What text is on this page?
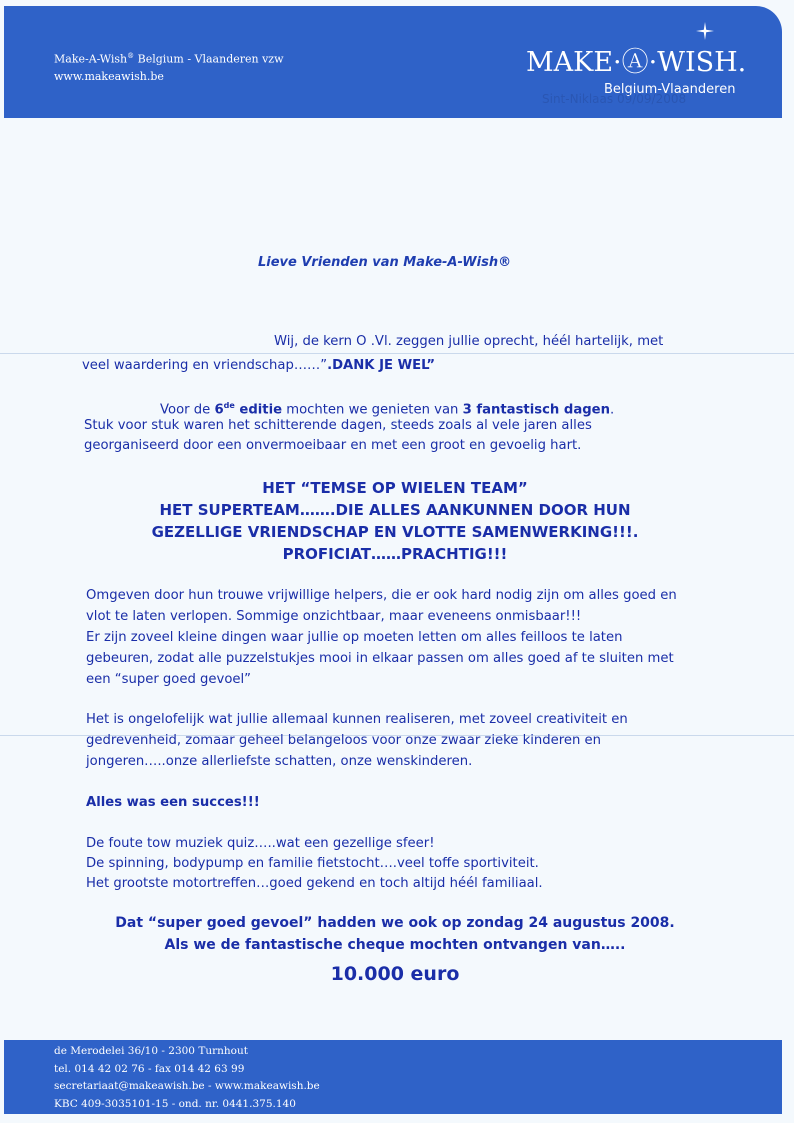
Make-A-Wish® Belgium - Vlaanderen vzw
www.makeawish.be	MAKE·Ⓐ·WISH.
Belgium-Vlaanderen
Sint-Niklaas 09/09/2008
Lieve Vrienden van Make-A-Wish®
Wij, de kern O .Vl. zeggen jullie oprecht, héél hartelijk, met
veel waardering en vriendschap……”.DANK JE WEL”
Voor de 6de editie mochten we genieten van 3 fantastisch dagen.
Stuk voor stuk waren het schitterende dagen, steeds zoals al vele jaren alles
georganiseerd door een onvermoeibaar en met een groot en gevoelig hart.
HET “TEMSE OP WIELEN TEAM”
HET SUPERTEAM…….DIE ALLES AANKUNNEN DOOR HUN
GEZELLIGE VRIENDSCHAP EN VLOTTE SAMENWERKING!!!.
PROFICIAT……PRACHTIG!!!
Omgeven door hun trouwe vrijwillige helpers, die er ook hard nodig zijn om alles goed en
vlot te laten verlopen. Sommige onzichtbaar, maar eveneens onmisbaar!!!
Er zijn zoveel kleine dingen waar jullie op moeten letten om alles feilloos te laten
gebeuren, zodat alle puzzelstukjes mooi in elkaar passen om alles goed af te sluiten met
een “super goed gevoel”
Het is ongelofelijk wat jullie allemaal kunnen realiseren, met zoveel creativiteit en
gedrevenheid, zomaar geheel belangeloos voor onze zwaar zieke kinderen en
jongeren…..onze allerliefste schatten, onze wenskinderen.
Alles was een succes!!!
De foute tow muziek quiz…..wat een gezellige sfeer!
De spinning, bodypump en familie fietstocht….veel toffe sportiviteit.
Het grootste motortreffen…goed gekend en toch altijd héél familiaal.
Dat “super goed gevoel” hadden we ook op zondag 24 augustus 2008.
Als we de fantastische cheque mochten ontvangen van…..
10.000 euro
de Merodelei 36/10 - 2300 Turnhout
tel. 014 42 02 76 - fax 014 42 63 99
secretariaat@makeawish.be - www.makeawish.be
KBC 409-3035101-15 - ond. nr. 0441.375.140
